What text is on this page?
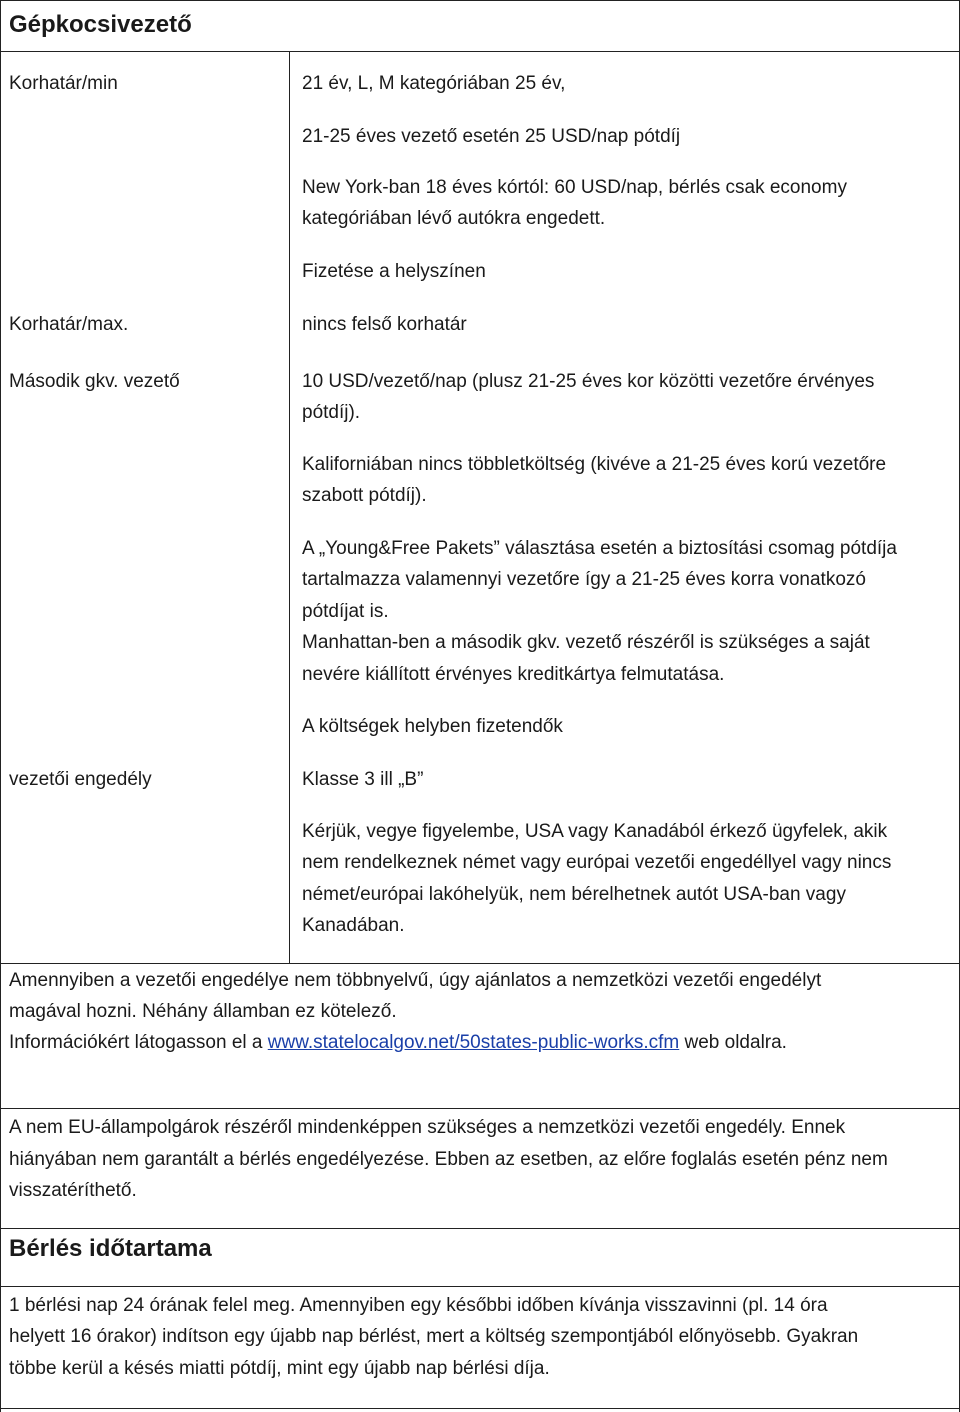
Gépkocsivezető
Korhatár/min	21 év, L, M kategóriában 25 év,
21-25 éves vezető esetén 25 USD/nap pótdíj
New York-ban 18 éves kórtól: 60 USD/nap, bérlés csak economy
kategóriában lévő autókra engedett.
Fizetése a helyszínen
Korhatár/max.	nincs felső korhatár
Második gkv. vezető	10 USD/vezető/nap (plusz 21-25 éves kor közötti vezetőre érvényes
pótdíj).
Kaliforniában nincs többletköltség (kivéve a 21-25 éves korú vezetőre
szabott pótdíj).
A „Young&Free Pakets” választása esetén a biztosítási csomag pótdíja
tartalmazza valamennyi vezetőre így a 21-25 éves korra vonatkozó
pótdíjat is.
Manhattan-ben a második gkv. vezető részéről is szükséges a saját
nevére kiállított érvényes kreditkártya felmutatása.
A költségek helyben fizetendők
vezetői engedély	Klasse 3 ill „B”
Kérjük, vegye figyelembe, USA vagy Kanadából érkező ügyfelek, akik
nem rendelkeznek német vagy európai vezetői engedéllyel vagy nincs
német/európai lakóhelyük, nem bérelhetnek autót USA-ban vagy
Kanadában.
Amennyiben a vezetői engedélye nem többnyelvű, úgy ajánlatos a nemzetközi vezetői engedélyt
magával hozni. Néhány államban ez kötelező.
Információkért látogasson el a www.statelocalgov.net/50states-public-works.cfm web oldalra.
A nem EU-állampolgárok részéről mindenképpen szükséges a nemzetközi vezetői engedély. Ennek
hiányában nem garantált a bérlés engedélyezése. Ebben az esetben, az előre foglalás esetén pénz nem
visszatéríthető.
Bérlés időtartama
1 bérlési nap 24 órának felel meg. Amennyiben egy későbbi időben kívánja visszavinni (pl. 14 óra
helyett 16 órakor) indítson egy újabb nap bérlést, mert a költség szempontjából előnyösebb. Gyakran
többe kerül a késés miatti pótdíj, mint egy újabb nap bérlési díja.
